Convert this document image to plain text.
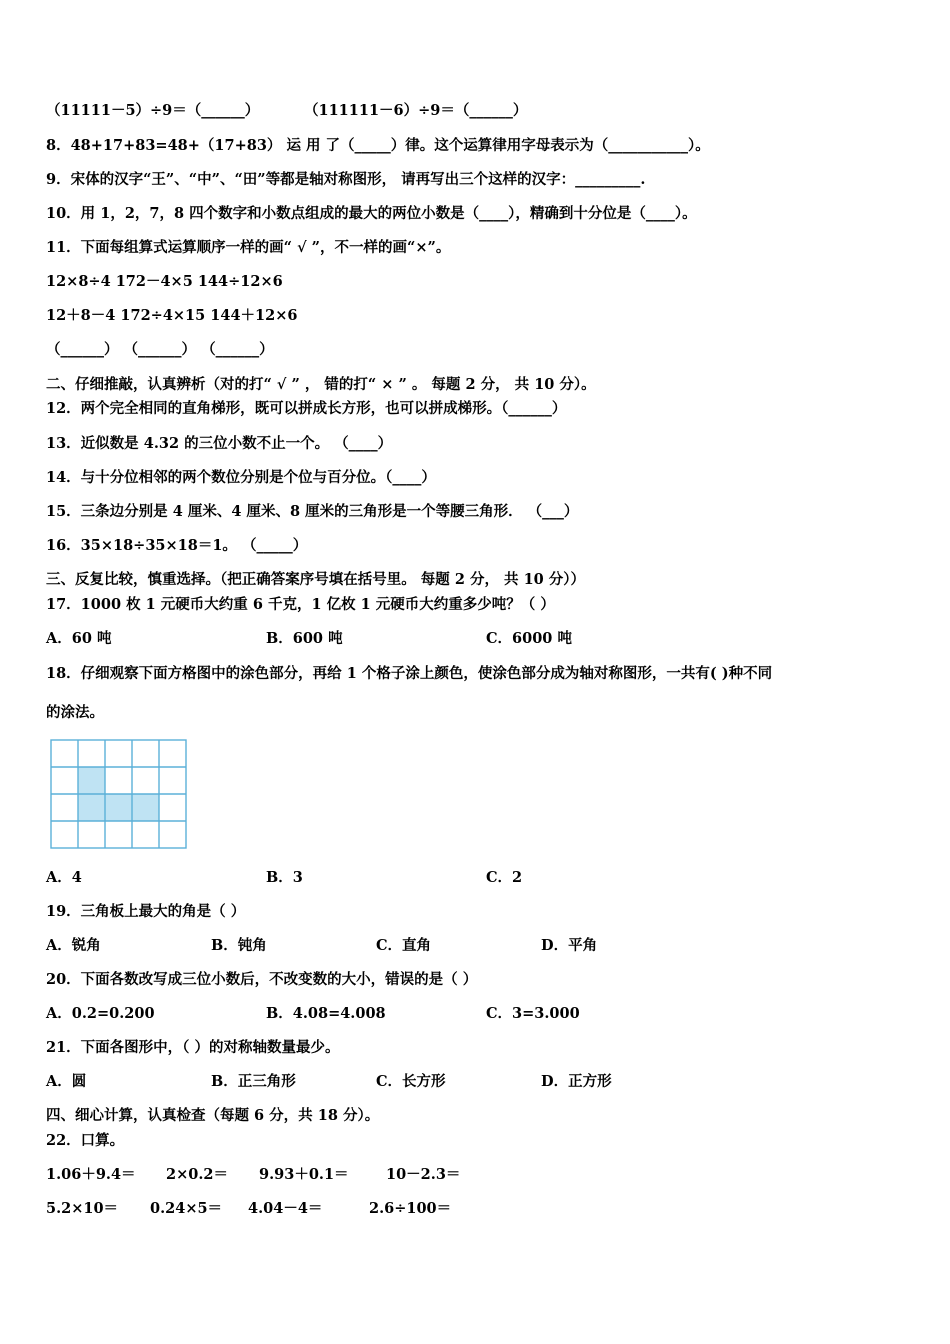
（11111－5）÷9＝（______）	（111111－6）÷9＝（______）
8．48+17+83=48+（17+83） 运 用 了（_____）律。这个运算律用字母表示为（___________）。
9．宋体的汉字“王”、“中”、“田”等都是轴对称图形， 请再写出三个这样的汉字：_________.
10．用 1，2，7，8 四个数字和小数点组成的最大的两位小数是（____），精确到十分位是（____）。
11．下面每组算式运算顺序一样的画“ √ ”，不一样的画“×”。
12×8÷4 172－4×5 144÷12×6
12＋8－4 172÷4×15 144＋12×6
（______） （______） （______）
二、仔细推敲，认真辨析（对的打“ √ ” ， 错的打“ × ” 。 每题 2 分， 共 10 分）。
12．两个完全相同的直角梯形，既可以拼成长方形，也可以拼成梯形。（______）
13．近似数是 4.32 的三位小数不止一个。 （____）
14．与十分位相邻的两个数位分别是个位与百分位。（____）
15．三条边分别是 4 厘米、4 厘米、8 厘米的三角形是一个等腰三角形． （___）
16．35×18÷35×18＝1。 （_____）
三、反复比较，慎重选择。（把正确答案序号填在括号里。 每题 2 分， 共 10 分））
17．1000 枚 1 元硬币大约重 6 千克，1 亿枚 1 元硬币大约重多少吨？（ ）
A．60 吨	B．600 吨	C．6000 吨
18．仔细观察下面方格图中的涂色部分，再给 1 个格子涂上颜色，使涂色部分成为轴对称图形，一共有( )种不同
的涂法。
A．4	B．3	C．2
19．三角板上最大的角是（ ）
A．锐角	B．钝角	C．直角	D．平角
20．下面各数改写成三位小数后，不改变数的大小，错误的是（ ）
A．0.2=0.200	B．4.08=4.008	C．3=3.000
21．下面各图形中，（ ）的对称轴数量最少。
A．圆	B．正三角形	C．长方形	D．正方形
四、细心计算，认真检查（每题 6 分，共 18 分）。
22．口算。
1.06＋9.4＝ 2×0.2＝ 9.93＋0.1＝	10－2.3＝
5.2×10＝ 0.24×5＝ 4.04－4＝	2.6÷100＝
